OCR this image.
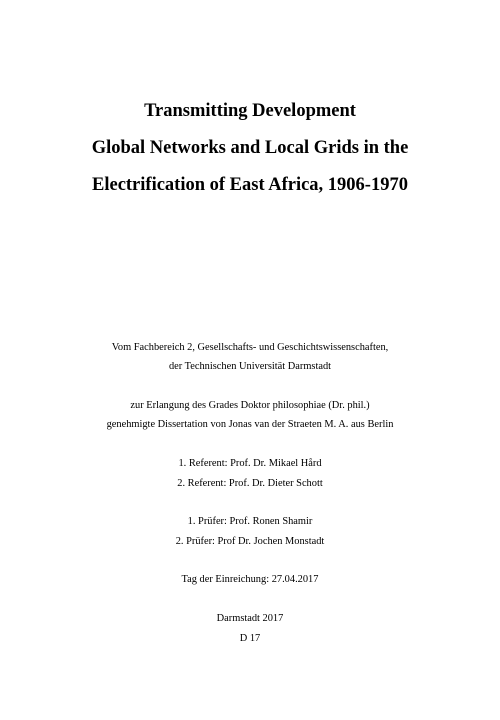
Transmitting Development
Global Networks and Local Grids in the
Electrification of East Africa, 1906-1970
Vom Fachbereich 2, Gesellschafts- und Geschichtswissenschaften,
der Technischen Universität Darmstadt
zur Erlangung des Grades Doktor philosophiae (Dr. phil.)
genehmigte Dissertation von Jonas van der Straeten M. A. aus Berlin
1. Referent: Prof. Dr. Mikael Hård
2. Referent: Prof. Dr. Dieter Schott
1. Prüfer: Prof. Ronen Shamir
2. Prüfer: Prof Dr. Jochen Monstadt
Tag der Einreichung: 27.04.2017
Darmstadt 2017
D 17
